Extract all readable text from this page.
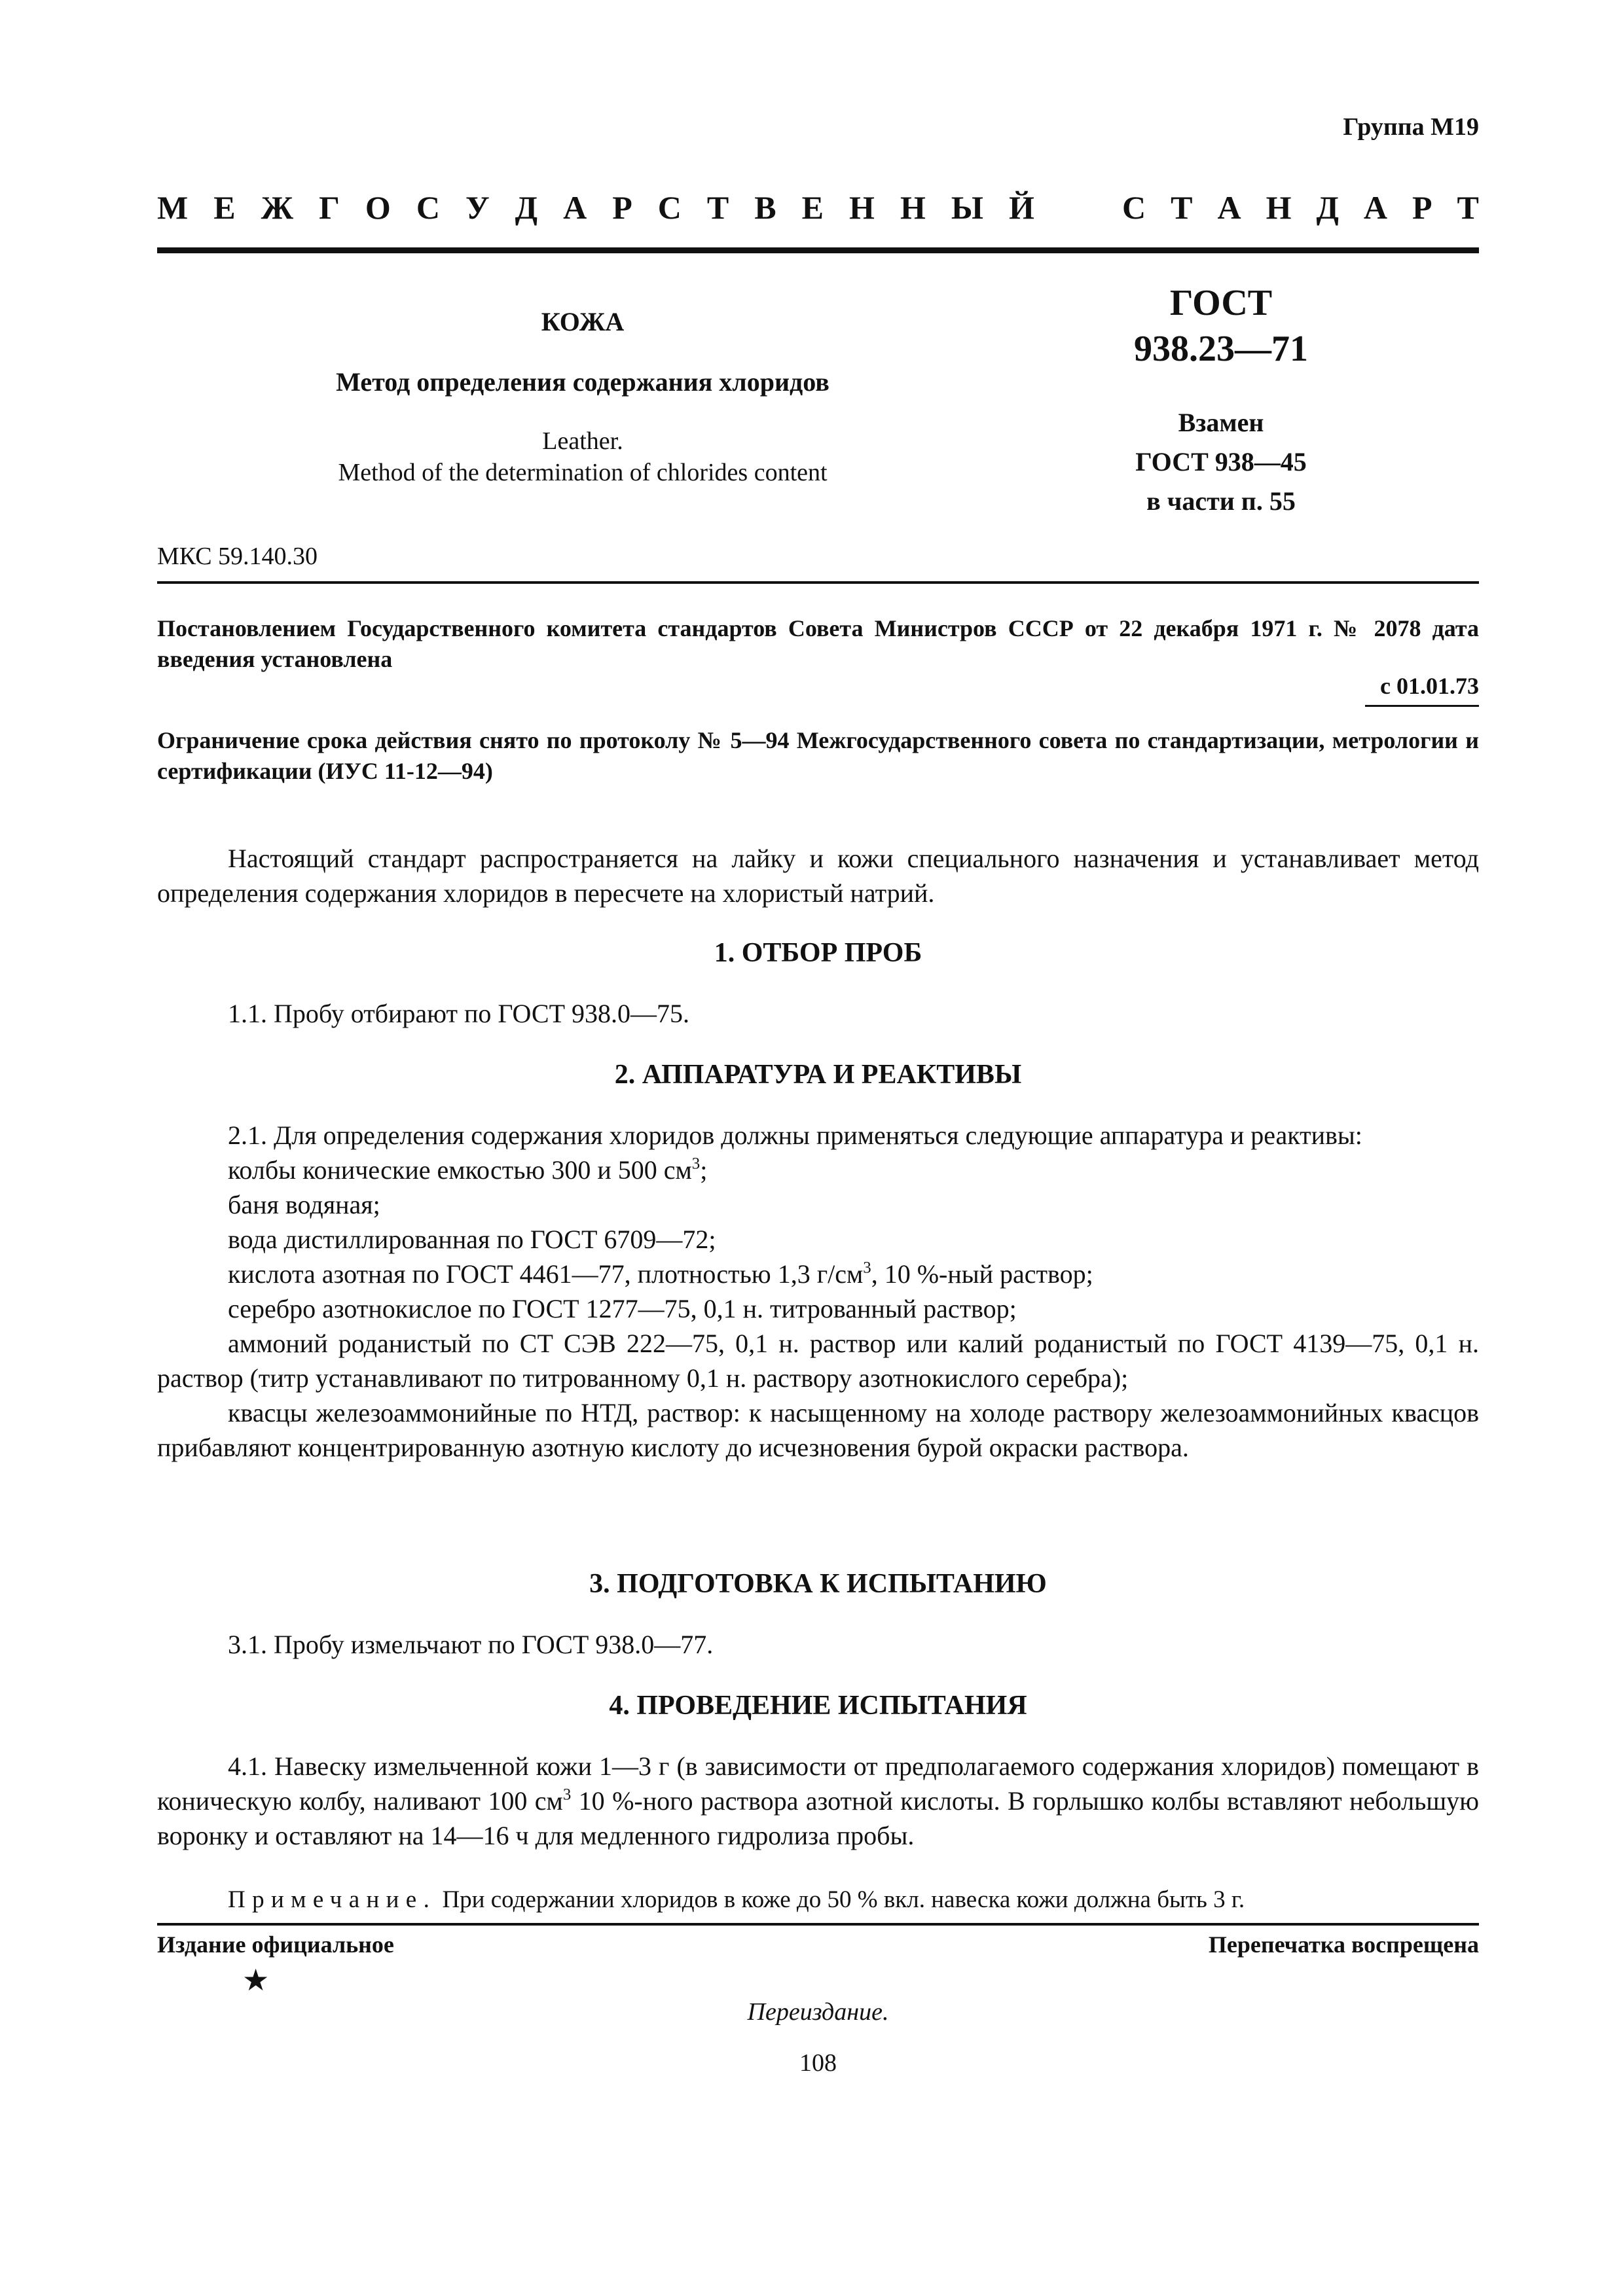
Группа М19
М Е Ж Г О С У Д А Р С Т В Е Н Н Ы Й	С Т А Н Д А Р Т
КОЖА
Метод определения содержания хлоридов
Leather.
Method of the determination of chlorides content
ГОСТ
938.23—71
Взамен
ГОСТ 938—45
в части п. 55
МКС 59.140.30
Постановлением Государственного комитета стандартов Совета Министров СССР от 22 декабря 1971 г. № 2078 дата введения установлена
с 01.01.73
Ограничение срока действия снято по протоколу № 5—94 Межгосударственного совета по стандартизации, метрологии и сертификации (ИУС 11-12—94)
Настоящий стандарт распространяется на лайку и кожи специального назначения и устанавливает метод определения содержания хлоридов в пересчете на хлористый натрий.
1. ОТБОР ПРОБ
1.1. Пробу отбирают по ГОСТ 938.0—75.
2. АППАРАТУРА И РЕАКТИВЫ
2.1. Для определения содержания хлоридов должны применяться следующие аппаратура и реактивы:
колбы конические емкостью 300 и 500 $см^3$;
баня водяная;
вода дистиллированная по ГОСТ 6709—72;
кислота азотная по ГОСТ 4461—77, плотностью 1,3 $г/см^3$, 10 %-ный раствор;
серебро азотнокислое по ГОСТ 1277—75, 0,1 н. титрованный раствор;
аммоний роданистый по СТ СЭВ 222—75, 0,1 н. раствор или калий роданистый по ГОСТ 4139—75, 0,1 н. раствор (титр устанавливают по титрованному 0,1 н. раствору азотнокислого серебра);
квасцы железоаммонийные по НТД, раствор: к насыщенному на холоде раствору железоаммонийных квасцов прибавляют концентрированную азотную кислоту до исчезновения бурой окраски раствора.
3. ПОДГОТОВКА К ИСПЫТАНИЮ
3.1. Пробу измельчают по ГОСТ 938.0—77.
4. ПРОВЕДЕНИЕ ИСПЫТАНИЯ
4.1. Навеску измельченной кожи 1—3 г (в зависимости от предполагаемого содержания хлоридов) помещают в коническую колбу, наливают 100 $см^3$ 10 %-ного раствора азотной кислоты. В горлышко колбы вставляют небольшую воронку и оставляют на 14—16 ч для медленного гидролиза пробы.
Примечание. При содержании хлоридов в коже до 50 % вкл. навеска кожи должна быть 3 г.
Издание официальное	Перепечатка воспрещена
★
Переиздание.
108
